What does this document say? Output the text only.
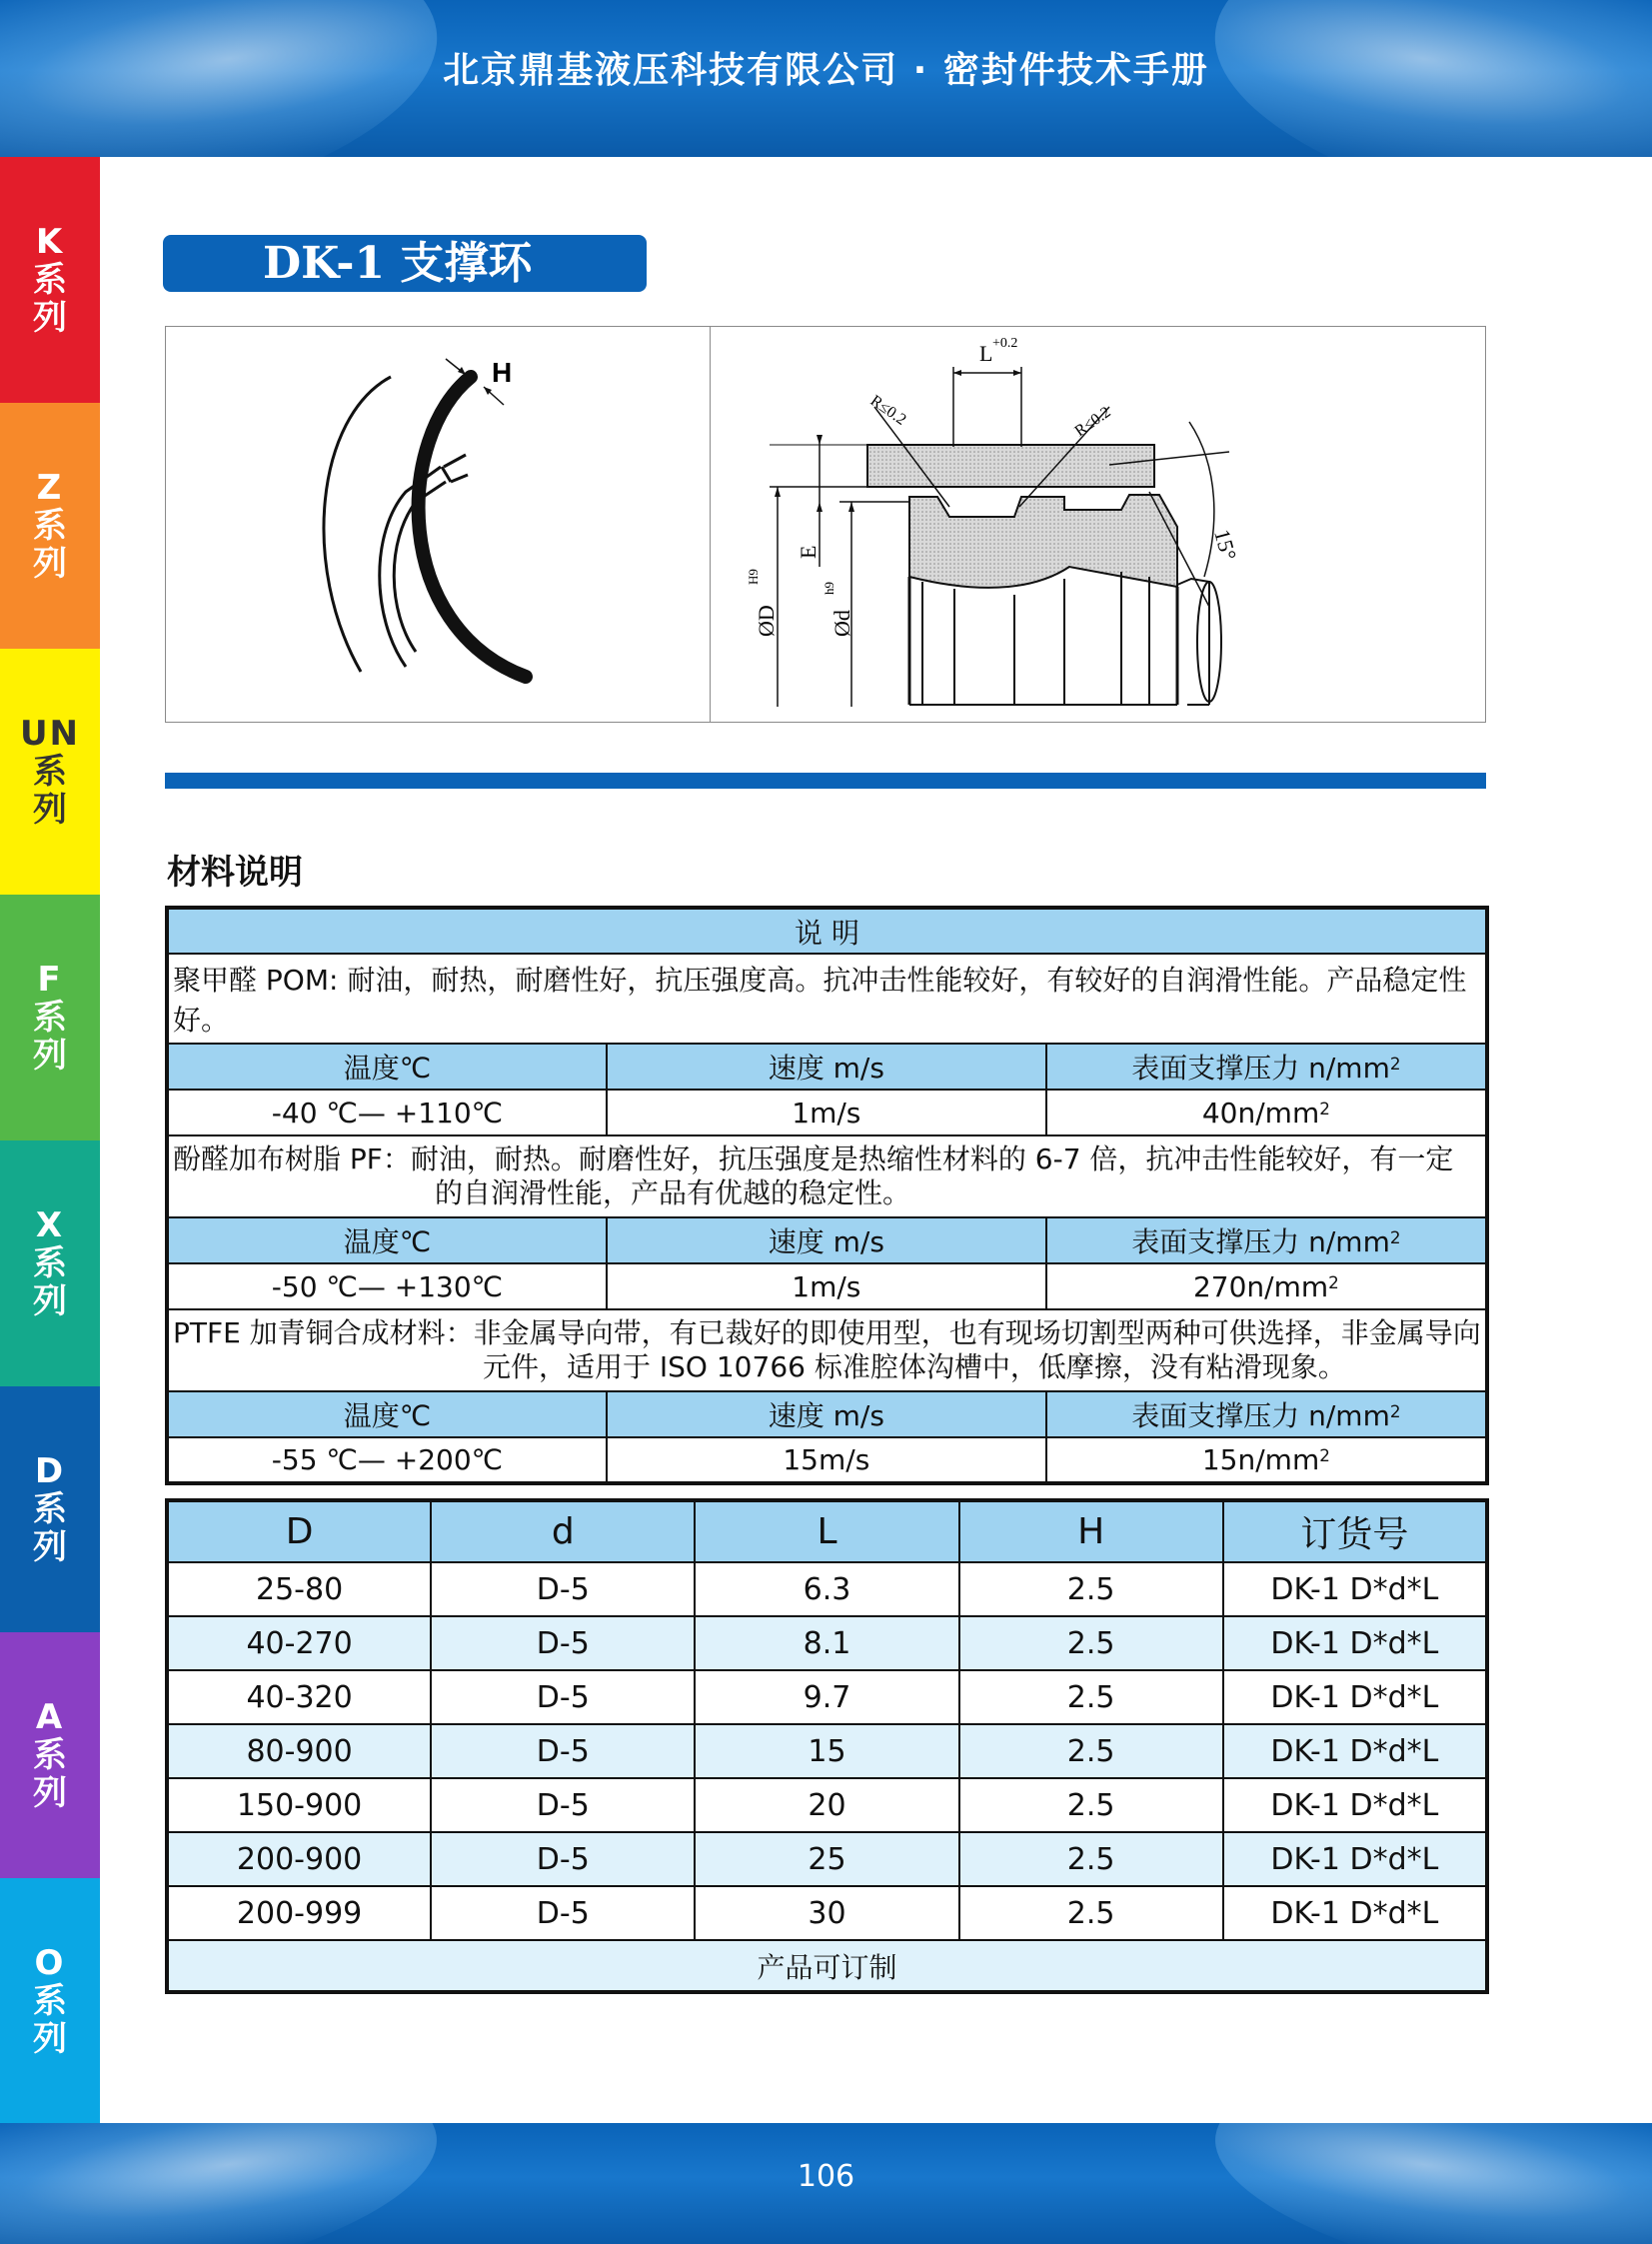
北京鼎基液压科技有限公司 · 密封件技术手册
K
系
列
Z
系
列
UN
系
列
F
系
列
X
系
列
D
系
列
A
系
列
O
系
列
DK-1 支撑环
H
L +0.2
R≤0.2	R≤0.2
E
ØD
H9
Ød
h9
15°
材料说明
说 明		
聚甲醛 POM: 耐油，耐热，耐磨性好，抗压强度高。抗冲击性能较好，有较好的自润滑性能。产品稳定性好。		
温度℃	速度 m/s	表面支撑压力 $n/mm^2$
-40 ℃— +110℃	1m/s	$40n/mm^2$
酚醛加布树脂 PF：耐油，耐热。耐磨性好，抗压强度是热缩性材料的 6-7 倍，抗冲击性能较好，有一定
的自润滑性能，产品有优越的稳定性。		

温度℃	速度 m/s	表面支撑压力 $n/mm^2$
-50 ℃— +130℃	1m/s	$270n/mm^2$
PTFE 加青铜合成材料：非金属导向带，有已裁好的即使用型，也有现场切割型两种可供选择，非金属导向
元件，适用于 ISO 10766 标准腔体沟槽中，低摩擦，没有粘滑现象。		

温度℃	速度 m/s	表面支撑压力 $n/mm^2$
-55 ℃— +200℃	15m/s	$15n/mm^2$
D	d	L	H	订货号
25-80	D-5	6.3	2.5	DK-1 D*d*L
40-270	D-5	8.1	2.5	DK-1 D*d*L
40-320	D-5	9.7	2.5	DK-1 D*d*L
80-900	D-5	15	2.5	DK-1 D*d*L
150-900	D-5	20	2.5	DK-1 D*d*L
200-900	D-5	25	2.5	DK-1 D*d*L
200-999	D-5	30	2.5	DK-1 D*d*L
产品可订制				
106
